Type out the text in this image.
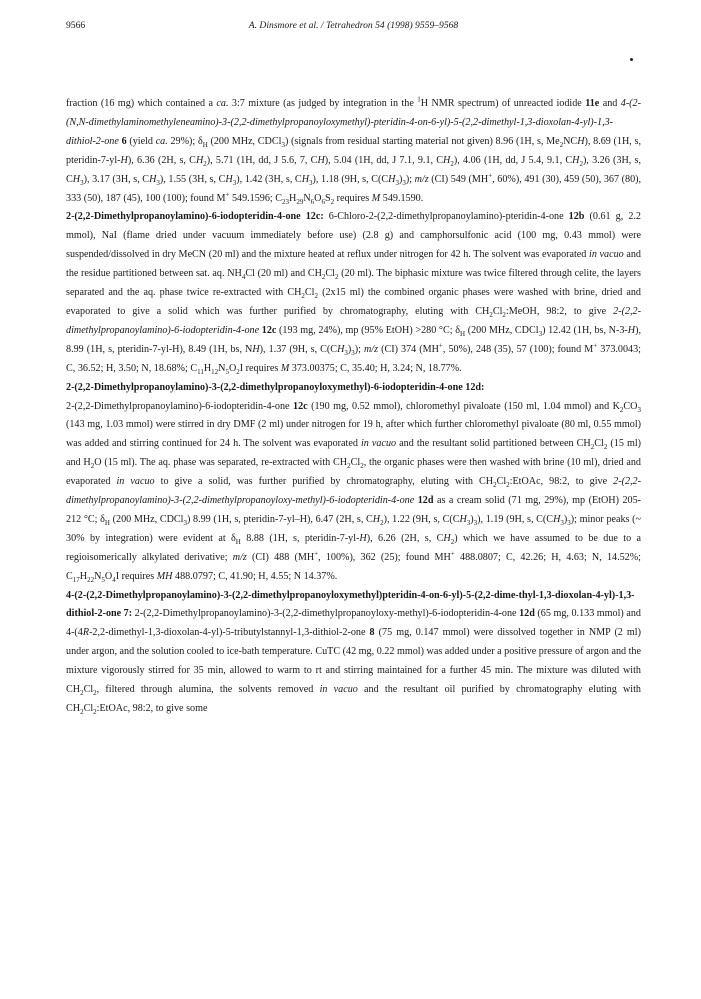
9566	A. Dinsmore et al. / Tetrahedron 54 (1998) 9559–9568

fraction (16 mg) which contained a ca. 3:7 mixture (as judged by integration in the $^1$H NMR spectrum) of unreacted iodide 11e and 4-(2-(N,N-dimethylaminomethyleneamino)-3-(2,2-dimethylpropanoyloxymethyl)-pteridin-4-on-6-yl)-5-(2,2-dimethyl-1,3-dioxolan-4-yl)-1,3-dithiol-2-one 6 (yield ca. 29%); $\delta_H$ (200 MHz, CDCl$_3$) (signals from residual starting material not given) 8.96 (1H, s, $Me_2NCH$), 8.69 (1H, s, pteridin-7-yl-H), 6.36 (2H, s, $CH_2$), 5.71 (1H, dd, J 5.6, 7, CH), 5.04 (1H, dd, J 7.1, 9.1, $CH_2$), 4.06 (1H, dd, J 5.4, 9.1, $CH_2$), 3.26 (3H, s, $CH_3$), 3.17 (3H, s, $CH_3$), 1.55 (3H, s, $CH_3$), 1.42 (3H, s, $CH_3$), 1.18 (9H, s, $C(CH_3)_3$); m/z (CI) 549 (MH+, 60%), 491 (30), 459 (50), 367 (80), 333 (50), 187 (45), 100 (100); found M+ 549.1596; $C_{23}H_{29}N_6O_6S_2$ requires M 549.1590.

2-(2,2-Dimethylpropanoylamino)-6-iodopteridin-4-one 12c: 6-Chloro-2-(2,2-dimethylpropanoylamino)-pteridin-4-one 12b (0.61 g, 2.2 mmol), NaI (flame dried under vacuum immediately before use) (2.8 g) and camphorsulfonic acid (100 mg, 0.43 mmol) were suspended/dissolved in dry MeCN (20 ml) and the mixture heated at reflux under nitrogen for 42 h. The solvent was evaporated in vacuo and the residue partitioned between sat. aq. $NH_4Cl$ (20 ml) and $CH_2Cl_2$ (20 ml). The biphasic mixture was twice filtered through celite, the layers separated and the aq. phase twice re-extracted with $CH_2Cl_2$ (2x15 ml) the combined organic phases were washed with brine, dried and evaporated to give a solid which was further purified by chromatography, eluting with $CH_2Cl_2:MeOH$, 98:2, to give 2-(2,2-dimethylpropanoylamino)-6-iodopteridin-4-one 12c (193 mg, 24%), mp (95% EtOH) >280 °C; $\delta_H$ (200 MHz, CDCl$_3$) 12.42 (1H, bs, N-3-H), 8.99 (1H, s, pteridin-7-yl-H), 8.49 (1H, bs, NH), 1.37 (9H, s, $C(CH_3)_3$); m/z (CI) 374 (MH+, 50%), 248 (35), 57 (100); found M+ 373.0043; C, 36.52; H, 3.50; N, 18.68%; $C_{11}H_{12}N_5O_2I$ requires M 373.00375; C, 35.40; H, 3.24; N, 18.77%.

2-(2,2-Dimethylpropanoylamino)-3-(2,2-dimethylpropanoyloxymethyl)-6-iodopteridin-4-one 12d:

2-(2,2-Dimethylpropanoylamino)-6-iodopteridin-4-one 12c (190 mg, 0.52 mmol), chloromethyl pivaloate (150 ml, 1.04 mmol) and $K_2CO_3$ (143 mg, 1.03 mmol) were stirred in dry DMF (2 ml) under nitrogen for 19 h, after which further chloromethyl pivaloate (80 ml, 0.55 mmol) was added and stirring continued for 24 h. The solvent was evaporated in vacuo and the resultant solid partitioned between $CH_2Cl_2$ (15 ml) and $H_2O$ (15 ml). The aq. phase was separated, re-extracted with $CH_2Cl_2$, the organic phases were then washed with brine (10 ml), dried and evaporated in vacuo to give a solid, was further purified by chromatography, eluting with $CH_2Cl_2:EtOAc$, 98:2, to give 2-(2,2-dimethylpropanoylamino)-3-(2,2-dimethylpropanoyloxy-methyl)-6-iodopteridin-4-one 12d as a cream solid (71 mg, 29%), mp (EtOH) 205-212 °C; $\delta_H$ (200 MHz, CDCl$_3$) 8.99 (1H, s, pteridin-7-yl–H), 6.47 (2H, s, $CH_2$), 1.22 (9H, s, $C(CH_3)_3$), 1.19 (9H, s, $C(CH_3)_3$); minor peaks (~ 30% by integration) were evident at $\delta_H$ 8.88 (1H, s, pteridin-7-yl-H), 6.26 (2H, s, $CH_2$) which we have assumed to be due to a regioisomerically alkylated derivative; m/z (CI) 488 (MH+, 100%), 362 (25); found MH+ 488.0807; C, 42.26; H, 4.63; N, 14.52%; $C_{17}H_{22}N_5O_4I$ requires MH 488.0797; C, 41.90; H, 4.55; N 14.37%.

4-(2-(2,2-Dimethylpropanoylamino)-3-(2,2-dimethylpropanoyloxymethyl)pteridin-4-on-6-yl)-5-(2,2-dime-thyl-1,3-dioxolan-4-yl)-1,3-dithiol-2-one 7: 2-(2,2-Dimethylpropanoylamino)-3-(2,2-dimethylpropanoyloxy-methyl)-6-iodopteridin-4-one 12d (65 mg, 0.133 mmol) and 4-(4R-2,2-dimethyl-1,3-dioxolan-4-yl)-5-tributylstannyl-1,3-dithiol-2-one 8 (75 mg, 0.147 mmol) were dissolved together in NMP (2 ml) under argon, and the solution cooled to ice-bath temperature. CuTC (42 mg, 0.22 mmol) was added under a positive pressure of argon and the mixture vigorously stirred for 35 min, allowed to warm to rt and stirring maintained for a further 45 min. The mixture was diluted with $CH_2Cl_2$, filtered through alumina, the solvents removed in vacuo and the resultant oil purified by chromatography eluting with $CH_2Cl_2:EtOAc$, 98:2, to give some
